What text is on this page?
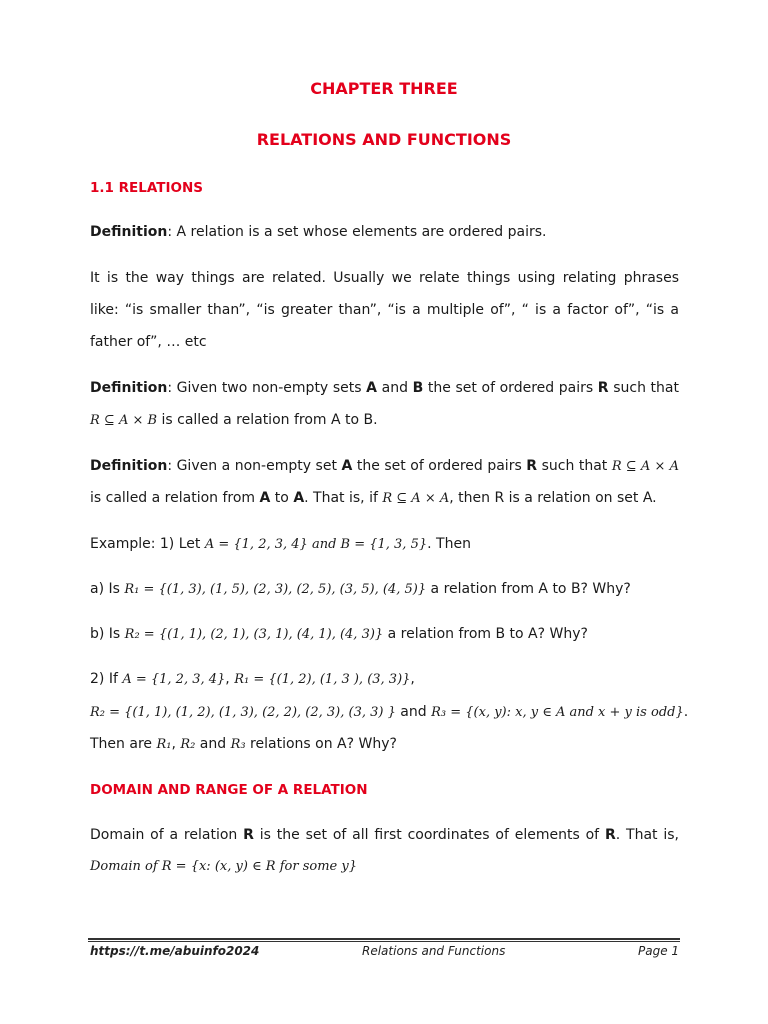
CHAPTER THREE
RELATIONS AND FUNCTIONS
1.1 RELATIONS
Definition: A relation is a set whose elements are ordered pairs.
It is the way things are related. Usually we relate things using relating phrases
like: “is smaller than”, “is greater than”, “is a multiple of”, “ is a factor of”, “is a
father of”, … etc
Definition: Given two non-empty sets A and B the set of ordered pairs R such that
R ⊆ A × B is called a relation from A to B.
Definition: Given a non-empty set A the set of ordered pairs R such that R ⊆ A × A
is called a relation from A to A. That is, if R ⊆ A × A, then R is a relation on set A.
Example: 1) Let A = {1, 2, 3, 4} and B = {1, 3, 5}. Then
a) Is R₁ = {(1, 3), (1, 5), (2, 3), (2, 5), (3, 5), (4, 5)} a relation from A to B? Why?
b) Is R₂ = {(1, 1), (2, 1), (3, 1), (4, 1), (4, 3)} a relation from B to A? Why?
2) If A = {1, 2, 3, 4}, R₁ = {(1, 2), (1, 3 ), (3, 3)},
R₂ = {(1, 1), (1, 2), (1, 3), (2, 2), (2, 3), (3, 3) } and R₃ = {(x, y): x, y ∈ A and x + y is odd}.
Then are R₁, R₂ and R₃ relations on A? Why?
DOMAIN AND RANGE OF A RELATION
Domain of a relation R is the set of all first coordinates of elements of R. That is,
Domain of R = {x: (x, y) ∈ R for some y}
https://t.me/abuinfo2024	Relations and Functions	Page 1
